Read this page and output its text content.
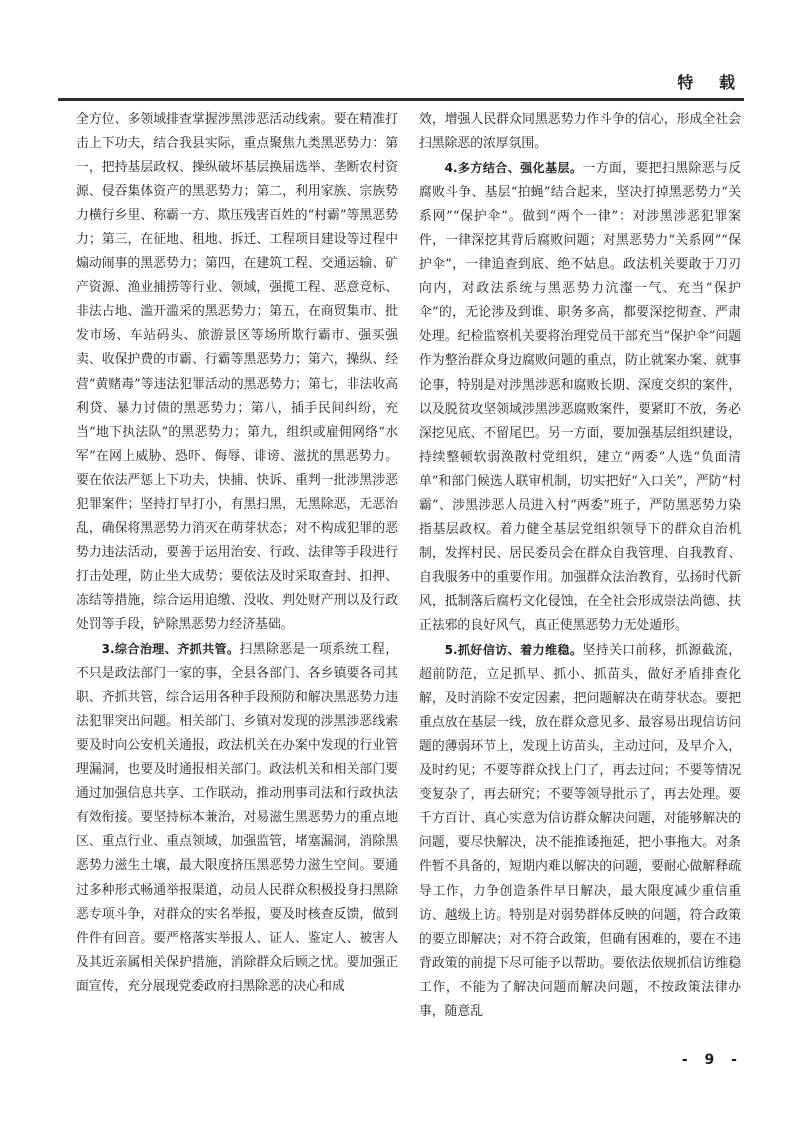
特 载

全方位、多领域排查掌握涉黑涉恶活动线索。要在精准打击上下功夫，结合我县实际，重点聚焦九类黑恶势力：第一，把持基层政权、操纵破坏基层换届选举、垄断农村资源、侵吞集体资产的黑恶势力；第二，利用家族、宗族势力横行乡里、称霸一方、欺压残害百姓的“村霸”等黑恶势力；第三，在征地、租地、拆迁、工程项目建设等过程中煽动闹事的黑恶势力；第四，在建筑工程、交通运输、矿产资源、渔业捕捞等行业、领域，强揽工程、恶意竞标、非法占地、滥开滥采的黑恶势力；第五，在商贸集市、批发市场、车站码头、旅游景区等场所欺行霸市、强买强卖、收保护费的市霸、行霸等黑恶势力；第六，操纵、经营“黄赌毒”等违法犯罪活动的黑恶势力；第七，非法收高利贷、暴力讨债的黑恶势力；第八，插手民间纠纷，充当“地下执法队”的黑恶势力；第九，组织或雇佣网络“水军”在网上威胁、恐吓、侮辱、诽谤、滋扰的黑恶势力。要在依法严惩上下功夫，快捕、快诉、重判一批涉黑涉恶犯罪案件；坚持打早打小，有黑扫黑，无黑除恶，无恶治乱，确保将黑恶势力消灭在萌芽状态；对不构成犯罪的恶势力违法活动，要善于运用治安、行政、法律等手段进行打击处理，防止坐大成势；要依法及时采取查封、扣押、冻结等措施，综合运用追缴、没收、判处财产刑以及行政处罚等手段，铲除黑恶势力经济基础。

3.综合治理、齐抓共管。扫黑除恶是一项系统工程，不只是政法部门一家的事，全县各部门、各乡镇要各司其职、齐抓共管，综合运用各种手段预防和解决黑恶势力违法犯罪突出问题。相关部门、乡镇对发现的涉黑涉恶线索要及时向公安机关通报，政法机关在办案中发现的行业管理漏洞，也要及时通报相关部门。政法机关和相关部门要通过加强信息共享、工作联动，推动刑事司法和行政执法有效衔接。要坚持标本兼治，对易滋生黑恶势力的重点地区、重点行业、重点领域，加强监管，堵塞漏洞，消除黑恶势力滋生土壤，最大限度挤压黑恶势力滋生空间。要通过多种形式畅通举报渠道，动员人民群众积极投身扫黑除恶专项斗争，对群众的实名举报，要及时核查反馈，做到件件有回音。要严格落实举报人、证人、鉴定人、被害人及其近亲属相关保护措施，消除群众后顾之忧。要加强正面宣传，充分展现党委政府扫黑除恶的决心和成

效，增强人民群众同黑恶势力作斗争的信心，形成全社会扫黑除恶的浓厚氛围。

4.多方结合、强化基层。一方面，要把扫黑除恶与反腐败斗争、基层“拍蝇”结合起来，坚决打掉黑恶势力“关系网”“保护伞”。做到“两个一律”：对涉黑涉恶犯罪案件，一律深挖其背后腐败问题；对黑恶势力“关系网”“保护伞”，一律追查到底、绝不姑息。政法机关要敢于刀刃向内，对政法系统与黑恶势力沆瀣一气、充当“保护伞”的，无论涉及到谁、职务多高，都要深挖彻查、严肃处理。纪检监察机关要将治理党员干部充当“保护伞”问题作为整治群众身边腐败问题的重点，防止就案办案、就事论事，特别是对涉黑涉恶和腐败长期、深度交织的案件，以及脱贫攻坚领域涉黑涉恶腐败案件，要紧盯不放，务必深挖见底、不留尾巴。另一方面，要加强基层组织建设，持续整顿软弱涣散村党组织，建立“两委”人选“负面清单”和部门候选人联审机制，切实把好“入口关”，严防“村霸”、涉黑涉恶人员进入村“两委”班子，严防黑恶势力染指基层政权。着力健全基层党组织领导下的群众自治机制，发挥村民、居民委员会在群众自我管理、自我教育、自我服务中的重要作用。加强群众法治教育，弘扬时代新风，抵制落后腐朽文化侵蚀，在全社会形成崇法尚德、扶正祛邪的良好风气，真正使黑恶势力无处遁形。

5.抓好信访、着力维稳。坚持关口前移，抓源截流，超前防范，立足抓早、抓小、抓苗头，做好矛盾排查化解，及时消除不安定因素，把问题解决在萌芽状态。要把重点放在基层一线，放在群众意见多、最容易出现信访问题的薄弱环节上，发现上访苗头，主动过问，及早介入，及时约见；不要等群众找上门了，再去过问；不要等情况变复杂了，再去研究；不要等领导批示了，再去处理。要千方百计、真心实意为信访群众解决问题，对能够解决的问题，要尽快解决，决不能推诿拖延，把小事拖大。对条件暂不具备的，短期内难以解决的问题，要耐心做解释疏导工作，力争创造条件早日解决，最大限度减少重信重访、越级上访。特别是对弱势群体反映的问题，符合政策的要立即解决；对不符合政策，但确有困难的，要在不违背政策的前提下尽可能予以帮助。要依法依规抓信访维稳工作，不能为了解决问题而解决问题，不按政策法律办事，随意乱

- 9 -
